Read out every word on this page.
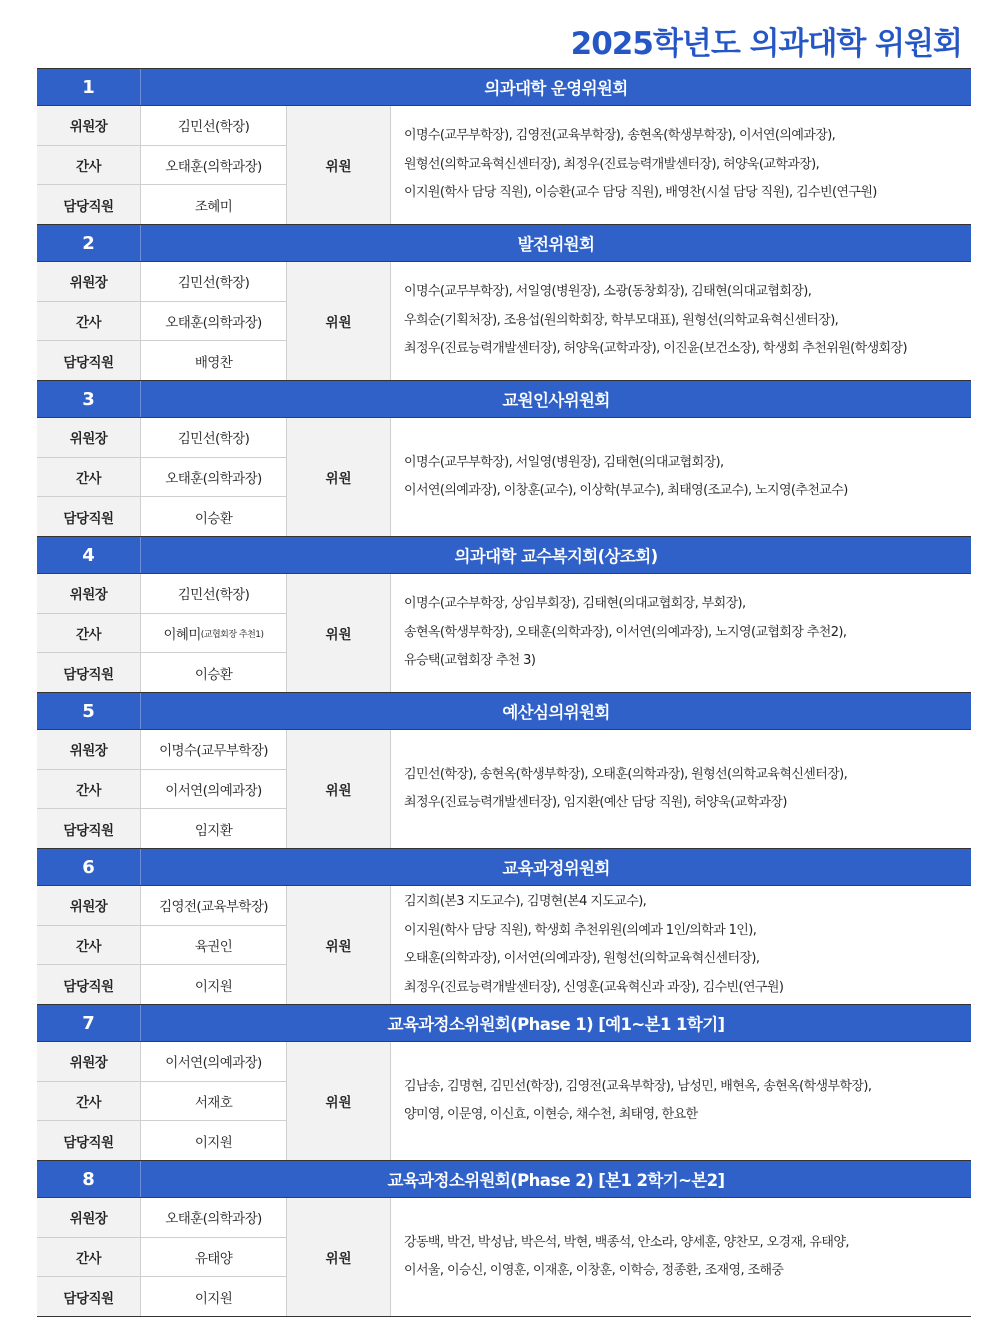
2025학년도 의과대학 위원회
1	의과대학 운영위원회
위원장	김민선(학장)
간사	오태훈(의학과장)
담당직원	조혜미
위원
이명수(교무부학장), 김영전(교육부학장), 송현옥(학생부학장), 이서연(의예과장),
원형선(의학교육혁신센터장), 최정우(진료능력개발센터장), 허양욱(교학과장),
이지원(학사 담당 직원), 이승환(교수 담당 직원), 배영찬(시설 담당 직원), 김수빈(연구원)
2	발전위원회
위원장	김민선(학장)
간사	오태훈(의학과장)
담당직원	배영찬
위원
이명수(교무부학장), 서일영(병원장), 소광(동창회장), 김태현(의대교협회장),
우희순(기획처장), 조용섭(원의학회장, 학부모대표), 원형선(의학교육혁신센터장),
최정우(진료능력개발센터장), 허양욱(교학과장), 이진윤(보건소장), 학생회 추천위원(학생회장)
3	교원인사위원회
위원장	김민선(학장)
간사	오태훈(의학과장)
담당직원	이승환
위원
이명수(교무부학장), 서일영(병원장), 김태현(의대교협회장),
이서연(의예과장), 이창훈(교수), 이상학(부교수), 최태영(조교수), 노지영(추천교수)
4	의과대학 교수복지회(상조회)
위원장	김민선(학장)
간사	이혜미 (교협회장 추천1)
담당직원	이승환
위원
이명수(교수부학장, 상임부회장), 김태현(의대교협회장, 부회장),
송현옥(학생부학장), 오태훈(의학과장), 이서연(의예과장), 노지영(교협회장 추천2),
유승택(교협회장 추천 3)
5	예산심의위원회
위원장	이명수(교무부학장)
간사	이서연(의예과장)
담당직원	임지환
위원
김민선(학장), 송현옥(학생부학장), 오태훈(의학과장), 원형선(의학교육혁신센터장),
최정우(진료능력개발센터장), 임지환(예산 담당 직원), 허양욱(교학과장)
6	교육과정위원회
위원장	김영전(교육부학장)
간사	육권인
담당직원	이지원
위원
김지희(본3 지도교수), 김명현(본4 지도교수),
이지원(학사 담당 직원), 학생회 추천위원(의예과 1인/의학과 1인),
오태훈(의학과장), 이서연(의예과장), 원형선(의학교육혁신센터장),
최정우(진료능력개발센터장), 신영훈(교육혁신과 과장), 김수빈(연구원)
7	교육과정소위원회(Phase 1) [예1~본1 1학기]
위원장	이서연(의예과장)
간사	서재호
담당직원	이지원
위원
김남송, 김명현, 김민선(학장), 김영전(교육부학장), 남성민, 배현옥, 송현옥(학생부학장),
양미영, 이문영, 이신효, 이현승, 채수천, 최태영, 한요한
8	교육과정소위원회(Phase 2) [본1 2학기~본2]
위원장	오태훈(의학과장)
간사	유태양
담당직원	이지원
위원
강동백, 박건, 박성남, 박은석, 박현, 백종석, 안소라, 양세훈, 양찬모, 오경재, 유태양,
이서울, 이승신, 이영훈, 이재훈, 이창훈, 이학승, 정종환, 조재영, 조해중
